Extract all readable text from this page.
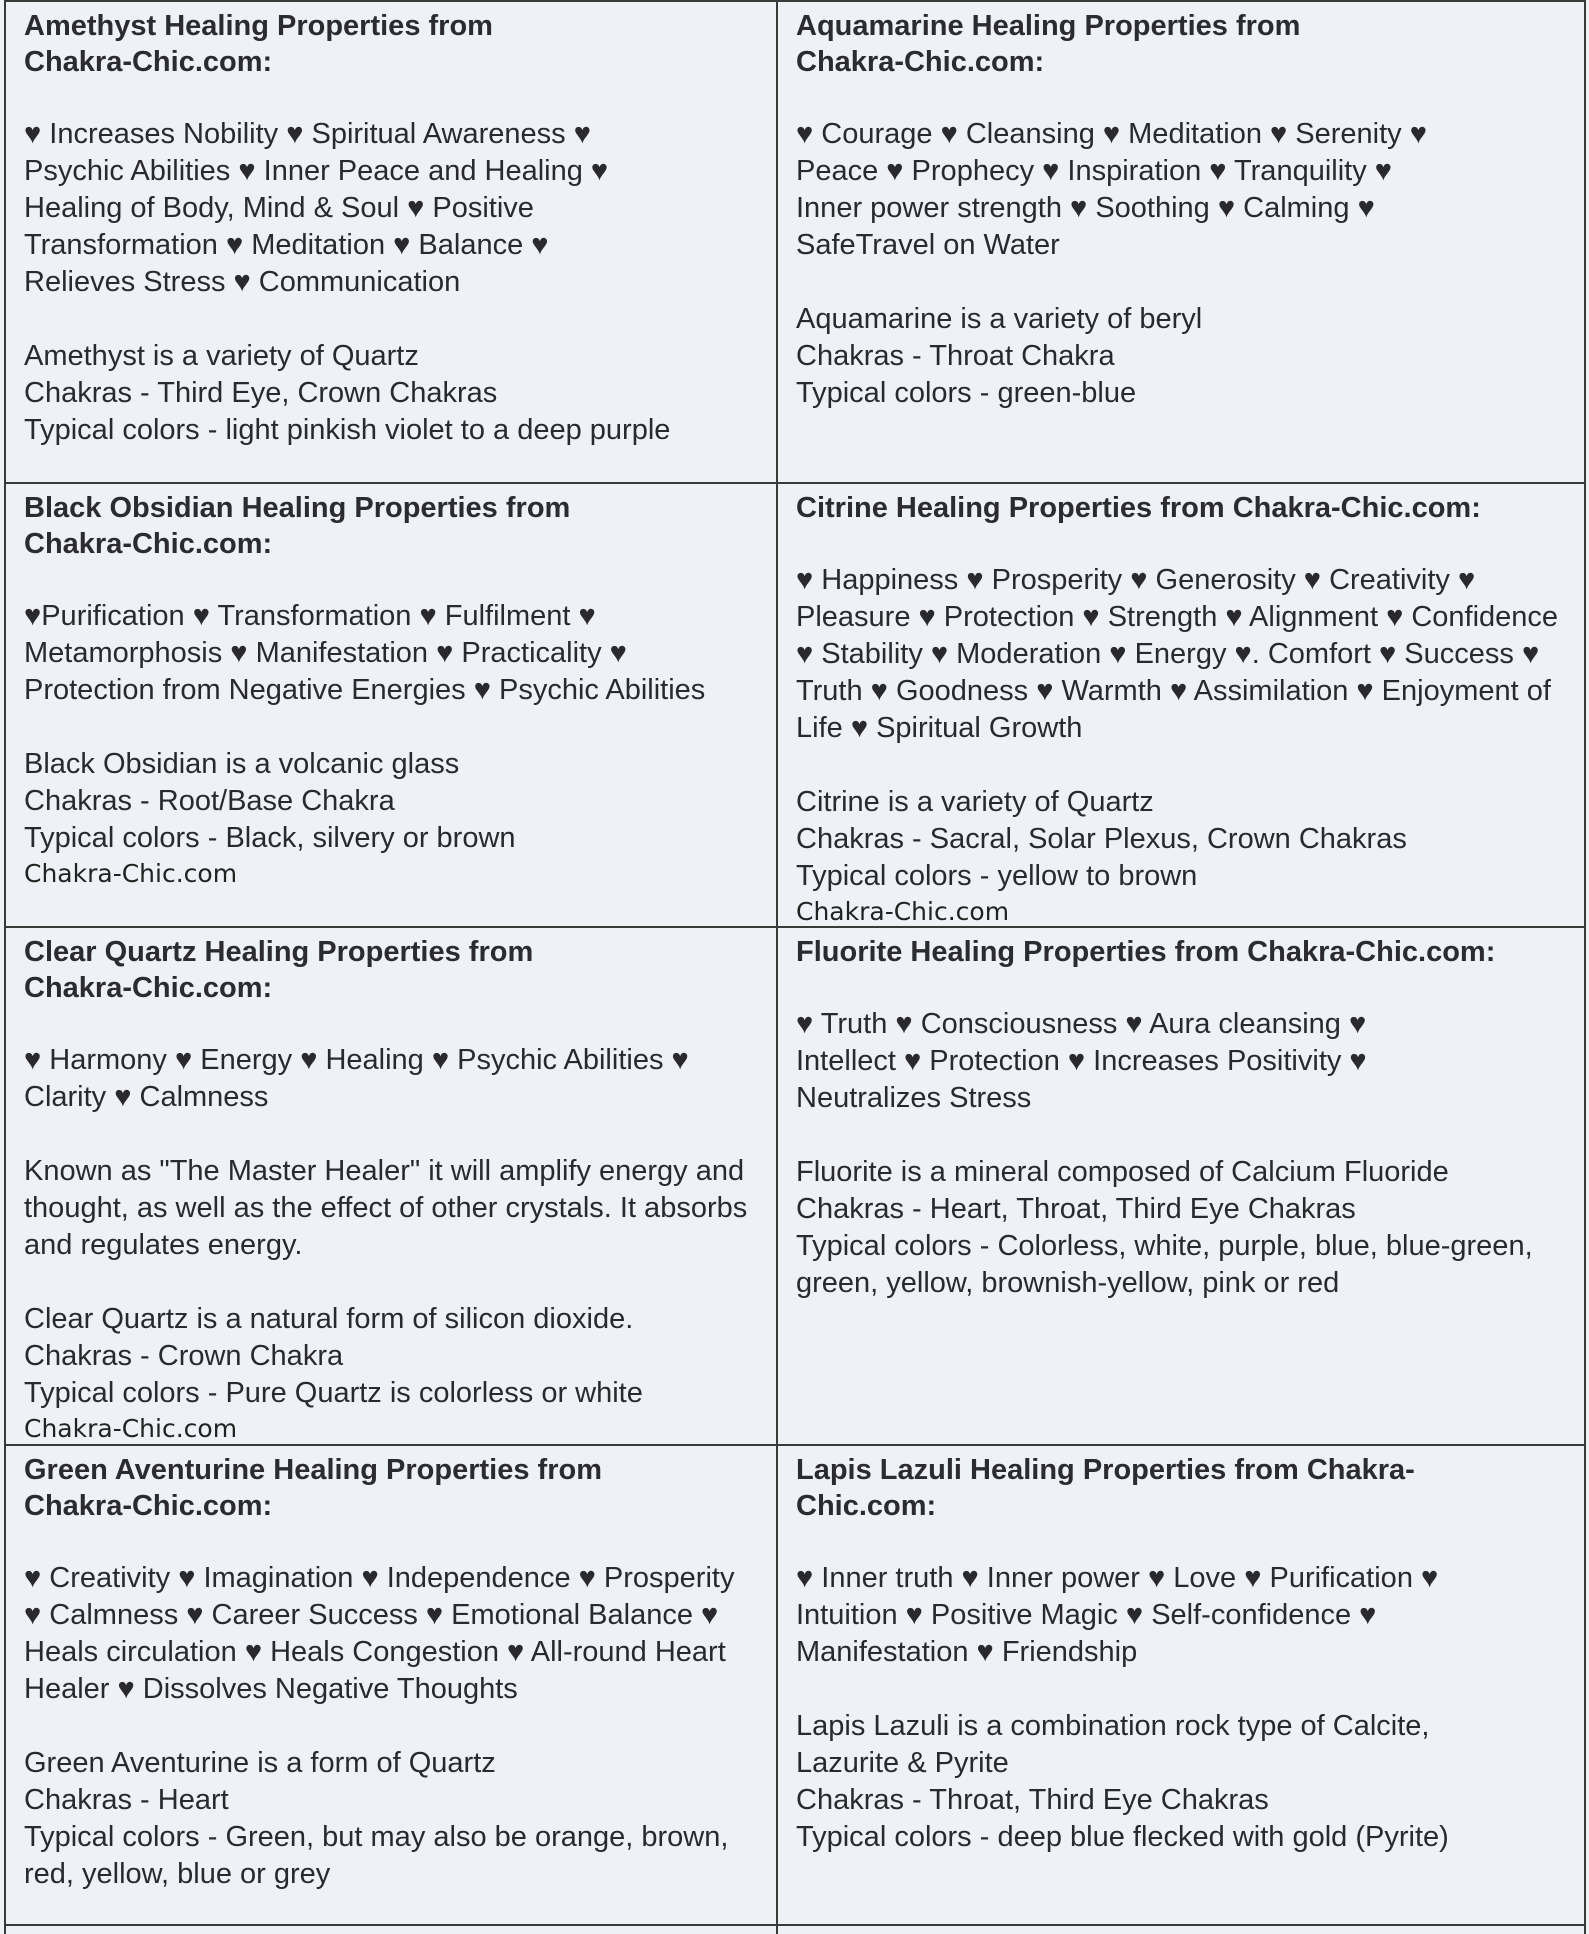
Amethyst Healing Properties from Chakra-Chic.com:

♥ Increases Nobility ♥ Spiritual Awareness ♥ Psychic Abilities ♥ Inner Peace and Healing ♥ Healing of Body, Mind & Soul ♥ Positive Transformation ♥ Meditation ♥ Balance ♥ Relieves Stress ♥ Communication

Amethyst is a variety of Quartz
Chakras - Third Eye, Crown Chakras
Typical colors - light pinkish violet to a deep purple

Aquamarine Healing Properties from Chakra-Chic.com:

♥ Courage ♥ Cleansing ♥ Meditation ♥ Serenity ♥ Peace ♥ Prophecy ♥ Inspiration ♥ Tranquility ♥ Inner power strength ♥ Soothing ♥ Calming ♥ SafeTravel on Water

Aquamarine is a variety of beryl
Chakras - Throat Chakra
Typical colors - green-blue

Black Obsidian Healing Properties from Chakra-Chic.com:

♥Purification ♥ Transformation ♥ Fulfilment ♥ Metamorphosis ♥ Manifestation ♥ Practicality ♥ Protection from Negative Energies ♥ Psychic Abilities

Black Obsidian is a volcanic glass
Chakras - Root/Base Chakra
Typical colors - Black, silvery or brown
Chakra-Chic.com

Citrine Healing Properties from Chakra-Chic.com:

♥ Happiness ♥ Prosperity ♥ Generosity ♥ Creativity ♥ Pleasure ♥ Protection ♥ Strength ♥ Alignment ♥ Confidence ♥ Stability ♥ Moderation ♥ Energy ♥. Comfort ♥ Success ♥ Truth ♥ Goodness ♥ Warmth ♥ Assimilation ♥ Enjoyment of Life ♥ Spiritual Growth

Citrine is a variety of Quartz
Chakras - Sacral, Solar Plexus, Crown Chakras
Typical colors - yellow to brown
Chakra-Chic.com

Clear Quartz Healing Properties from Chakra-Chic.com:

♥ Harmony ♥ Energy ♥ Healing ♥ Psychic Abilities ♥ Clarity ♥ Calmness

Known as "The Master Healer" it will amplify energy and thought, as well as the effect of other crystals. It absorbs and regulates energy.

Clear Quartz is a natural form of silicon dioxide.
Chakras - Crown Chakra
Typical colors - Pure Quartz is colorless or white
Chakra-Chic.com

Fluorite Healing Properties from Chakra-Chic.com:

♥ Truth ♥ Consciousness ♥ Aura cleansing ♥ Intellect ♥ Protection ♥ Increases Positivity ♥ Neutralizes Stress

Fluorite is a mineral composed of Calcium Fluoride
Chakras - Heart, Throat, Third Eye Chakras
Typical colors - Colorless, white, purple, blue, blue-green, green, yellow, brownish-yellow, pink or red

Green Aventurine Healing Properties from Chakra-Chic.com:

♥ Creativity ♥ Imagination ♥ Independence ♥ Prosperity ♥ Calmness ♥ Career Success ♥ Emotional Balance ♥ Heals circulation ♥ Heals Congestion ♥ All-round Heart Healer ♥ Dissolves Negative Thoughts

Green Aventurine is a form of Quartz
Chakras - Heart
Typical colors - Green, but may also be orange, brown, red, yellow, blue or grey

Lapis Lazuli Healing Properties from Chakra-Chic.com:

♥ Inner truth ♥ Inner power ♥ Love ♥ Purification ♥ Intuition ♥ Positive Magic ♥ Self-confidence ♥ Manifestation ♥ Friendship

Lapis Lazuli is a combination rock type of Calcite, Lazurite & Pyrite
Chakras - Throat, Third Eye Chakras
Typical colors - deep blue flecked with gold (Pyrite)
